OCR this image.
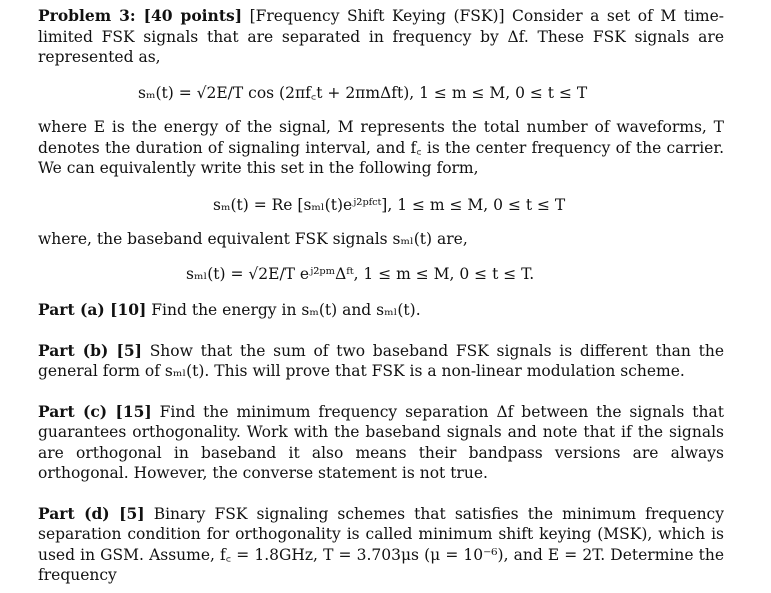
Problem 3: [40 points] [Frequency Shift Keying (FSK)] Consider a set of M time-limited FSK signals that are separated in frequency by Δf. These FSK signals are represented as,

sₘ(t) = √2E/T cos (2πf꜀t + 2πmΔft), 1 ≤ m ≤ M, 0 ≤ t ≤ T

where E is the energy of the signal, M represents the total number of waveforms, T denotes the duration of signaling interval, and f꜀ is the center frequency of the carrier. We can equivalently write this set in the following form,

sₘ(t) = Re [sₘₗ(t)eʲ²ᵖᶠᶜᵗ], 1 ≤ m ≤ M, 0 ≤ t ≤ T

where, the baseband equivalent FSK signals sₘₗ(t) are,

sₘₗ(t) = √2E/T eʲ²ᵖᵐΔᶠᵗ, 1 ≤ m ≤ M, 0 ≤ t ≤ T.

Part (a) [10] Find the energy in sₘ(t) and sₘₗ(t).

Part (b) [5] Show that the sum of two baseband FSK signals is different than the general form of sₘₗ(t). This will prove that FSK is a non-linear modulation scheme.

Part (c) [15] Find the minimum frequency separation Δf between the signals that guarantees orthogonality. Work with the baseband signals and note that if the signals are orthogonal in baseband it also means their bandpass versions are always orthogonal. However, the converse statement is not true.

Part (d) [5] Binary FSK signaling schemes that satisfies the minimum frequency separation condition for orthogonality is called minimum shift keying (MSK), which is used in GSM. Assume, f꜀ = 1.8GHz, T = 3.703μs (μ = 10⁻⁶), and E = 2T. Determine the frequency
